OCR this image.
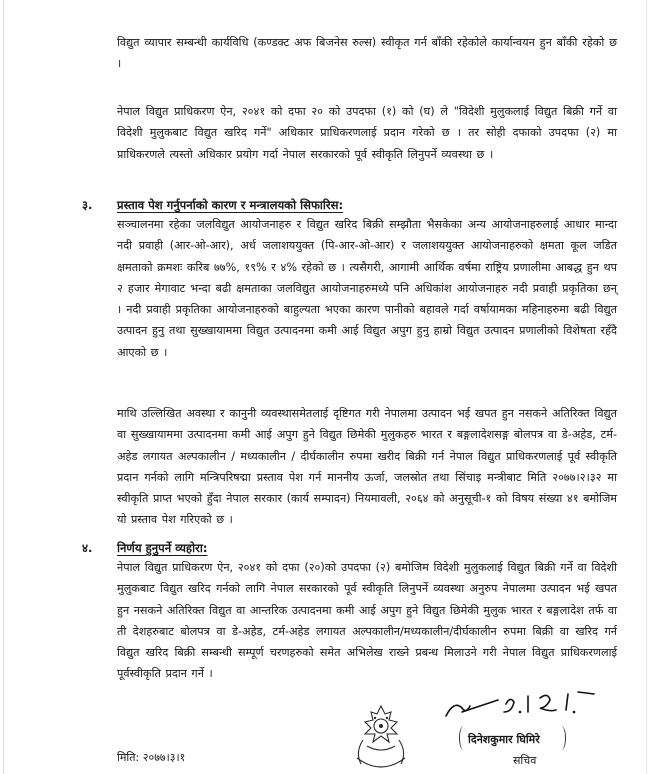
विद्युत व्यापार सम्बन्धी कार्यविधि (कण्डक्ट अफ बिजनेस रुल्स) स्वीकृत गर्न बाँकी रहेकोले कार्यान्वयन हुन बाँकी रहेको छ ।

नेपाल विद्युत प्राधिकरण ऐन, २०४१ को दफा २० को उपदफा (१) को (घ) ले "विदेशी मुलुकलाई विद्युत बिक्री गर्ने वा विदेशी मुलुकबाट विद्युत खरिद गर्ने" अधिकार प्राधिकरणलाई प्रदान गरेको छ । तर सोही दफाको उपदफा (२) मा प्राधिकरणले त्यस्तो अधिकार प्रयोग गर्दा नेपाल सरकारको पूर्व स्वीकृति लिनुपर्ने व्यवस्था छ ।

३. प्रस्ताव पेश गर्नुपर्नाको कारण र मन्त्रालयको सिफारिस:

सञ्चालनमा रहेका जलविद्युत आयोजनाहरु र विद्युत खरिद बिक्री सम्झौता भैसकेका अन्य आयोजनाहरुलाई आधार मान्दा नदी प्रवाही (आर-ओ-आर), अर्ध जलाशययुक्त (पि-आर-ओ-आर) र जलाशययुक्त आयोजनाहरुको क्षमता कूल जडित क्षमताको क्रमशः करिब ७७%, १९% र ४% रहेको छ । त्यसैगरी, आगामी आर्थिक वर्षमा राष्ट्रिय प्रणालीमा आबद्ध हुन थप २ हजार मेगावाट भन्दा बढी क्षमताका जलविद्युत आयोजनाहरुमध्ये पनि अधिकांश आयोजनाहरु नदी प्रवाही प्रकृतिका छन् । नदी प्रवाही प्रकृतिका आयोजनाहरुको बाहुल्यता भएका कारण पानीको बहावले गर्दा वर्षायामका महिनाहरुमा बढी विद्युत उत्पादन हुनु तथा सुख्खायाममा विद्युत उत्पादनमा कमी आई विद्युत अपुग हुनु हाम्रो विद्युत उत्पादन प्रणालीको विशेषता रहँदै आएको छ ।

माथि उल्लिखित अवस्था र कानुनी व्यवस्थासमेतलाई दृष्टिगत गरी नेपालमा उत्पादन भई खपत हुन नसकने अतिरिक्त विद्युत वा सुख्खायाममा उत्पादनमा कमी आई अपुग हुने विद्युत छिमेकी मुलुकहरु भारत र बङ्गलादेशसङ्ग बोलपत्र वा डे-अहेड, टर्म-अहेड लगायत अल्पकालीन / मध्यकालीन / दीर्घकालीन रुपमा खरीद बिक्री गर्न नेपाल विद्युत प्राधिकरणलाई पूर्व स्वीकृति प्रदान गर्नको लागि मन्त्रिपरिषद्मा प्रस्ताव पेश गर्न माननीय ऊर्जा, जलस्रोत तथा सिंचाइ मन्त्रीबाट मिति २०७७।२।३२ मा स्वीकृति प्राप्त भएको हुँदा नेपाल सरकार (कार्य सम्पादन) नियमावली, २०६४ को अनुसूची-१ को विषय संख्या ४१ बमोजिम यो प्रस्ताव पेश गरिएको छ ।

४. निर्णय हुनुपर्ने व्यहोरा:

नेपाल विद्युत प्राधिकरण ऐन, २०४१ को दफा (२०)को उपदफा (२) बमोजिम विदेशी मुलुकलाई विद्युत बिक्री गर्ने वा विदेशी मुलुकबाट विद्युत खरिद गर्नको लागि नेपाल सरकारको पूर्व स्वीकृति लिनुपर्ने व्यवस्था अनुरुप नेपालमा उत्पादन भई खपत हुन नसकने अतिरिक्त विद्युत वा आन्तरिक उत्पादनमा कमी आई अपुग हुने विद्युत छिमेकी मुलुक भारत र बङ्गलादेश तर्फ वा ती देशहरुबाट बोलपत्र वा डे-अहेड, टर्म-अहेड लगायत अल्पकालीन/मध्यकालीन/दीर्घकालीन रुपमा बिक्री वा खरिद गर्न विद्युत खरिद बिक्री सम्बन्धी सम्पूर्ण चरणहरुको समेत अभिलेख राख्ने प्रबन्ध मिलाउने गरी नेपाल विद्युत प्राधिकरणलाई पूर्वस्वीकृति प्रदान गर्ने ।

दिनेशकुमार घिमिरे
सचिव
मिति: २०७७।३।१
